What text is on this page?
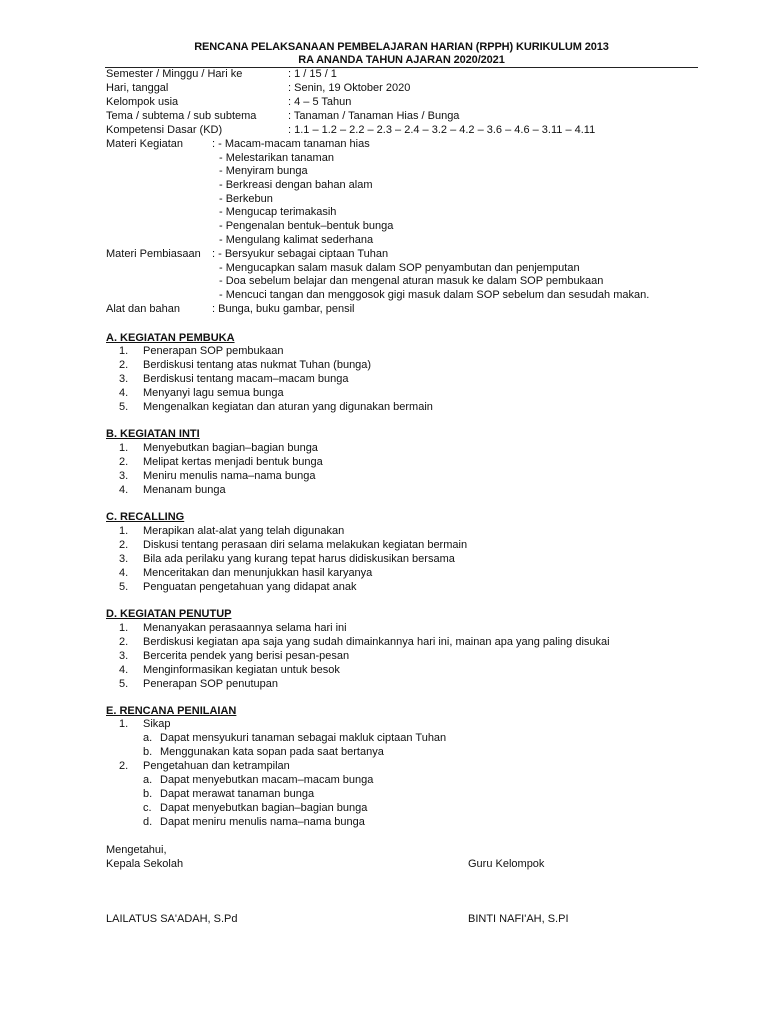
RENCANA PELAKSANAAN PEMBELAJARAN HARIAN (RPPH) KURIKULUM 2013
RA ANANDA TAHUN AJARAN 2020/2021
Semester / Minggu / Hari ke	: 1 / 15 / 1
Hari, tanggal	: Senin, 19 Oktober 2020
Kelompok usia	: 4 – 5 Tahun
Tema / subtema / sub subtema	: Tanaman / Tanaman Hias / Bunga
Kompetensi Dasar (KD)	: 1.1 – 1.2 – 2.2 – 2.3 – 2.4 – 3.2 – 4.2 – 3.6 – 4.6 – 3.11 – 4.11
Materi Kegiatan	: - Macam-macam tanaman hias
- Melestarikan tanaman
- Menyiram bunga
- Berkreasi dengan bahan alam
- Berkebun
- Mengucap terimakasih
- Pengenalan bentuk–bentuk bunga
- Mengulang kalimat sederhana
Materi Pembiasaan : - Bersyukur sebagai ciptaan Tuhan
- Mengucapkan salam masuk dalam SOP penyambutan dan penjemputan
- Doa sebelum belajar dan mengenal aturan masuk ke dalam SOP pembukaan
- Mencuci tangan dan menggosok gigi masuk dalam SOP sebelum dan sesudah makan.
Alat dan bahan	: Bunga, buku gambar, pensil
A. KEGIATAN PEMBUKA
1. Penerapan SOP pembukaan
2. Berdiskusi tentang atas nukmat Tuhan (bunga)
3. Berdiskusi tentang macam–macam bunga
4. Menyanyi lagu semua bunga
5. Mengenalkan kegiatan dan aturan yang digunakan bermain
B. KEGIATAN INTI
1. Menyebutkan bagian–bagian bunga
2. Melipat kertas menjadi bentuk bunga
3. Meniru menulis nama–nama bunga
4. Menanam bunga
C. RECALLING
1. Merapikan alat-alat yang telah digunakan
2. Diskusi tentang perasaan diri selama melakukan kegiatan bermain
3. Bila ada perilaku yang kurang tepat harus didiskusikan bersama
4. Menceritakan dan menunjukkan hasil karyanya
5. Penguatan pengetahuan yang didapat anak
D. KEGIATAN PENUTUP
1. Menanyakan perasaannya selama hari ini
2. Berdiskusi kegiatan apa saja yang sudah dimainkannya hari ini, mainan apa yang paling disukai
3. Bercerita pendek yang berisi pesan-pesan
4. Menginformasikan kegiatan untuk besok
5. Penerapan SOP penutupan
E. RENCANA PENILAIAN
1. Sikap
a. Dapat mensyukuri tanaman sebagai makluk ciptaan Tuhan
b. Menggunakan kata sopan pada saat bertanya
2. Pengetahuan dan ketrampilan
a. Dapat menyebutkan macam–macam bunga
b. Dapat merawat tanaman bunga
c. Dapat menyebutkan bagian–bagian bunga
d. Dapat meniru menulis nama–nama bunga
Mengetahui,
Kepala Sekolah	Guru Kelompok
LAILATUS SA'ADAH, S.Pd	BINTI NAFI'AH, S.PI
